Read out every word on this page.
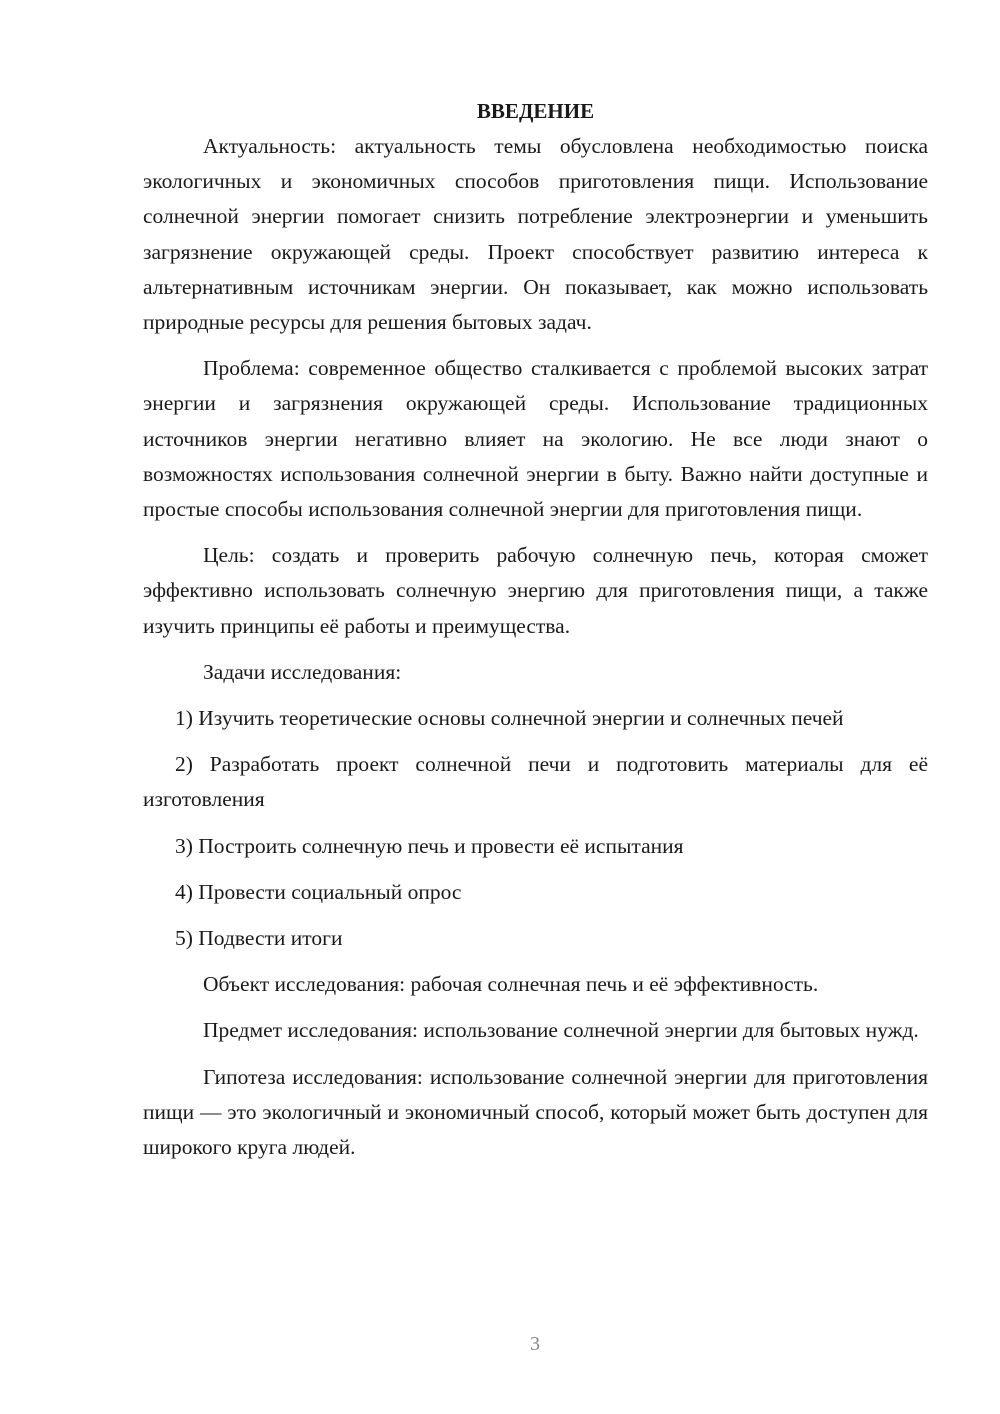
ВВЕДЕНИЕ

Актуальность: актуальность темы обусловлена необходимостью поиска экологичных и экономичных способов приготовления пищи. Использование солнечной энергии помогает снизить потребление электроэнергии и уменьшить загрязнение окружающей среды. Проект способствует развитию интереса к альтернативным источникам энергии. Он показывает, как можно использовать природные ресурсы для решения бытовых задач.

Проблема: современное общество сталкивается с проблемой высоких затрат энергии и загрязнения окружающей среды. Использование традиционных источников энергии негативно влияет на экологию. Не все люди знают о возможностях использования солнечной энергии в быту. Важно найти доступные и простые способы использования солнечной энергии для приготовления пищи.

Цель: создать и проверить рабочую солнечную печь, которая сможет эффективно использовать солнечную энергию для приготовления пищи, а также изучить принципы её работы и преимущества.

Задачи исследования:

1) Изучить теоретические основы солнечной энергии и солнечных печей

2) Разработать проект солнечной печи и подготовить материалы для её изготовления

3) Построить солнечную печь и провести её испытания

4) Провести социальный опрос

5) Подвести итоги

Объект исследования: рабочая солнечная печь и её эффективность.

Предмет исследования: использование солнечной энергии для бытовых нужд.

Гипотеза исследования: использование солнечной энергии для приготовления пищи — это экологичный и экономичный способ, который может быть доступен для широкого круга людей.

3
